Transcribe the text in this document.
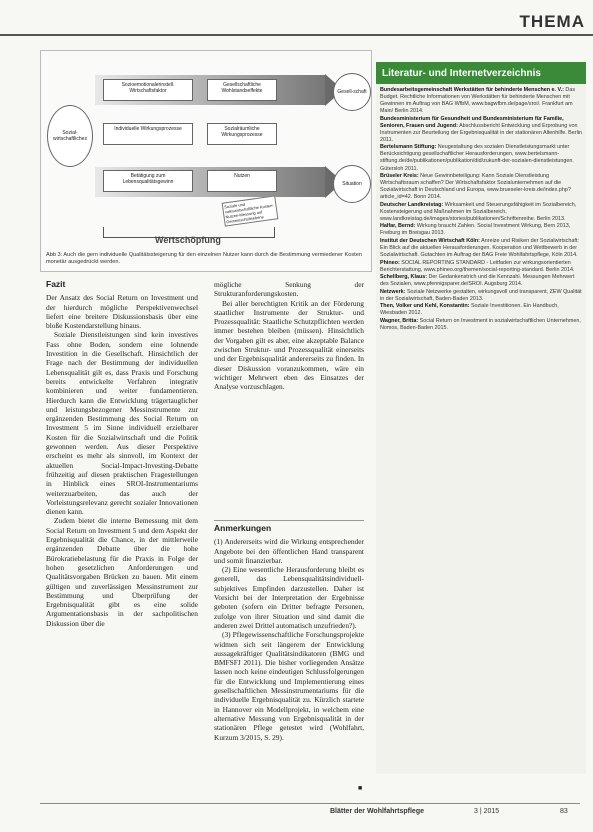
THEMA
Sozial-wirtschaftliches
Sozioemotionalerinstell. Wirtschaftsfaktor
Gesellschaftliche Wohlstandseffekte
Individuelle Wirkungsprozesse	Sozialräumliche Wirkungsprozesse
Betätigung zum Lebensqualitätsgewinn
Nutzen
Gesell-schaft
Situation
Soziale und volkswirtschaftliche Kosten-Nutzen-Messung auf Gemeinschaftsebene
Wertschöpfung
Abb 3: Auch die gern individuelle Qualitätssteigerung für den einzelnen Nutzer kann durch die Bestimmung vermiedener Kosten monetär ausgedrückt werden.
Fazit

Der Ansatz des Social Return on Investment und der hierdurch mögliche Perspektivenwechsel liefert eine breitere Diskussionsbasis über eine bloße Kostendarstellung hinaus.

Soziale Dienstleistungen sind kein investives Fass ohne Boden, sondern eine lohnende Investition in die Gesellschaft. Hinsichtlich der Frage nach der Bestimmung der individuellen Lebensqualität gilt es, dass Praxis und Forschung bereits entwickelte Verfahren integrativ kombinieren und weiter fundamentieren. Hierdurch kann die Entwicklung trägertauglicher und leistungsbezogener Messinstrumente zur ergänzenden Bestimmung des Social Return on Investment 5 im Sinne individuell erzielbarer Kosten für die Sozialwirtschaft und die Politik gewonnen werden. Aus dieser Perspektive erscheint es mehr als sinnvoll, im Kontext der aktuellen Social-Impact-Investing-Debatte frühzeitig auf diesen praktischen Fragestellungen in Hinblick eines SROI-Instrumentariums weiterzuarbeiten, das auch der Vorleistungsrelevanz gerecht sozialer Innovationen dienen kann.

Zudem bietet die interne Bemessung mit dem Social Return on Investment 5 und dem Aspekt der Ergebnisqualität die Chance, in der mittlerweile ergänzenden Debatte über die hohe Bürokratiebelastung für die Praxis in Folge der hohen gesetzlichen Anforderungen und Qualitätsvorgaben Brücken zu bauen. Mit einem gültigen und zuverlässigen Messinstrument zur Bestimmung und Überprüfung der Ergebnisqualität gibt es eine solide Argumentationsbasis in der sachpolitischen Diskussion über die

mögliche Senkung der Strukturanforderungskosten.

Bei aller berechtigten Kritik an der Förderung staatlicher Instrumente der Struktur- und Prozessqualität: Staatliche Schutzpflichten werden immer bestehen bleiben (müssen). Hinsichtlich der Vorgaben gilt es aber, eine akzeptable Balance zwischen Struktur- und Prozessqualität einerseits und der Ergebnisqualität andererseits zu finden. In dieser Diskussion voranzukommen, wäre ein wichtiger Mehrwert eben des Einsatzes der Analyse vorzuschlagen.

Anmerkungen

(1) Andererseits wird die Wirkung entsprechender Angebote bei den öffentlichen Hand transparent und somit finanzierbar.

(2) Eine wesentliche Herausforderung bleibt es generell, das Lebensqualitätsindividuell-subjektives Empfinden darzustellen. Daher ist Vorsicht bei der Interpretation der Ergebnisse geboten (sofern ein Dritter befragte Personen, zufolge von ihrer Situation und sind damit die anderen zwei Drittel automatisch unzufrieden?).

(3) Pflegewissenschaftliche Forschungsprojekte widmen sich seit längerem der Entwicklung aussagekräftiger Qualitätsindikatoren (BMG und BMFSFJ 2011). Die bisher vorliegenden Ansätze lassen noch keine eindeutigen Schlussfolgerungen für die Entwicklung und Implementierung eines gesellschaftlichen Messinstrumentariums für die individuelle Ergebnisqualität zu. Kürzlich startete in Hannover ein Modellprojekt, in welchem eine alternative Messung von Ergebnisqualität in der stationären Pflege getestet wird (Wohlfahrt, Kurzum 3/2015, S. 29).

■
Literatur- und Internetverzeichnis

Bundesarbeitsgemeinschaft Werkstätten für behinderte Menschen e. V.: Das Budget. Rechtliche Informationen von Werkstätten für behinderte Menschen mit Gewinnen im Auftrag von BAG WfbM, www.bagwfbm.de/page/sroi/. Frankfurt am Main/ Berlin 2014.

Bundesministerium für Gesundheit und Bundesministerium für Familie, Senioren, Frauen und Jugend: Abschlussbericht Entwicklung und Erprobung von Instrumenten zur Beurteilung der Ergebnisqualität in der stationären Altenhilfe. Berlin 2011.

Bertelsmann Stiftung: Neugestaltung des sozialen Dienstleistungsmarkt unter Berücksichtigung gesellschaftlicher Herausforderungen, www.bertelsmann-stiftung.de/de/publikationen/publikation/did/zukunft-der-sozialen-dienstleistungen. Gütersloh 2011.

Brüseler Kreis: Neue Gewinnbeteiligung: Kann Soziale Dienstleistung Wirtschaftsraum schaffen? Der Wirtschaftsfaktor Sozialunternehmen auf die Sozialwirtschaft in Deutschland und Europa, www.brueseler-kreis.de/index.php? article_id=42. Bonn 2014.

Deutscher Landkreistag: Wirksamkeit und Steuerungsfähigkeit im Sozialbereich, Kostensteigerung und Maßnahmen im Sozialbereich, www.landkreistag.de/images/stories/publikationen/Schriftenreihe. Berlin 2013.

Halfar, Bernd: Wirkung braucht Zahlen. Social Investment Wirkung, Bern 2013, Freiburg im Breisgau 2013.

Institut der Deutschen Wirtschaft Köln: Anreize und Risiken der Sozialwirtschaft: Ein Blick auf die aktuellen Herausforderungen. Kooperation und Wettbewerb in der Sozialwirtschaft. Gutachten im Auftrag der BAG Freie Wohlfahrtspflege, Köln 2014.

Phineo: SOCIAL REPORTING STANDARD - Leitfaden zur wirkungsorientierten Berichterstattung, www.phineo.org/themen/social-reporting-standard. Berlin 2014.

Schellberg, Klaus: Der Gedankenstrich und die Kennzahl. Messungen Mehrwert des Sozialen, www.pfennigsparer.de/SROI. Augsburg 2014.

Netzwerk: Soziale Netzwerke gestalten, wirkungsvoll und transparent, ZEW Qualität in der Sozialwirtschaft, Baden-Baden 2013.

Then, Volker und Kehl, Konstantin: Soziale Investitionen. Ein Handbuch, Wiesbaden 2012.

Wagner, Britta: Social Return on Investment in sozialwirtschaftlichen Unternehmen, Nomos, Baden-Baden 2015.

Blätter der Wohlfahrtspflege	3 | 2015	83
